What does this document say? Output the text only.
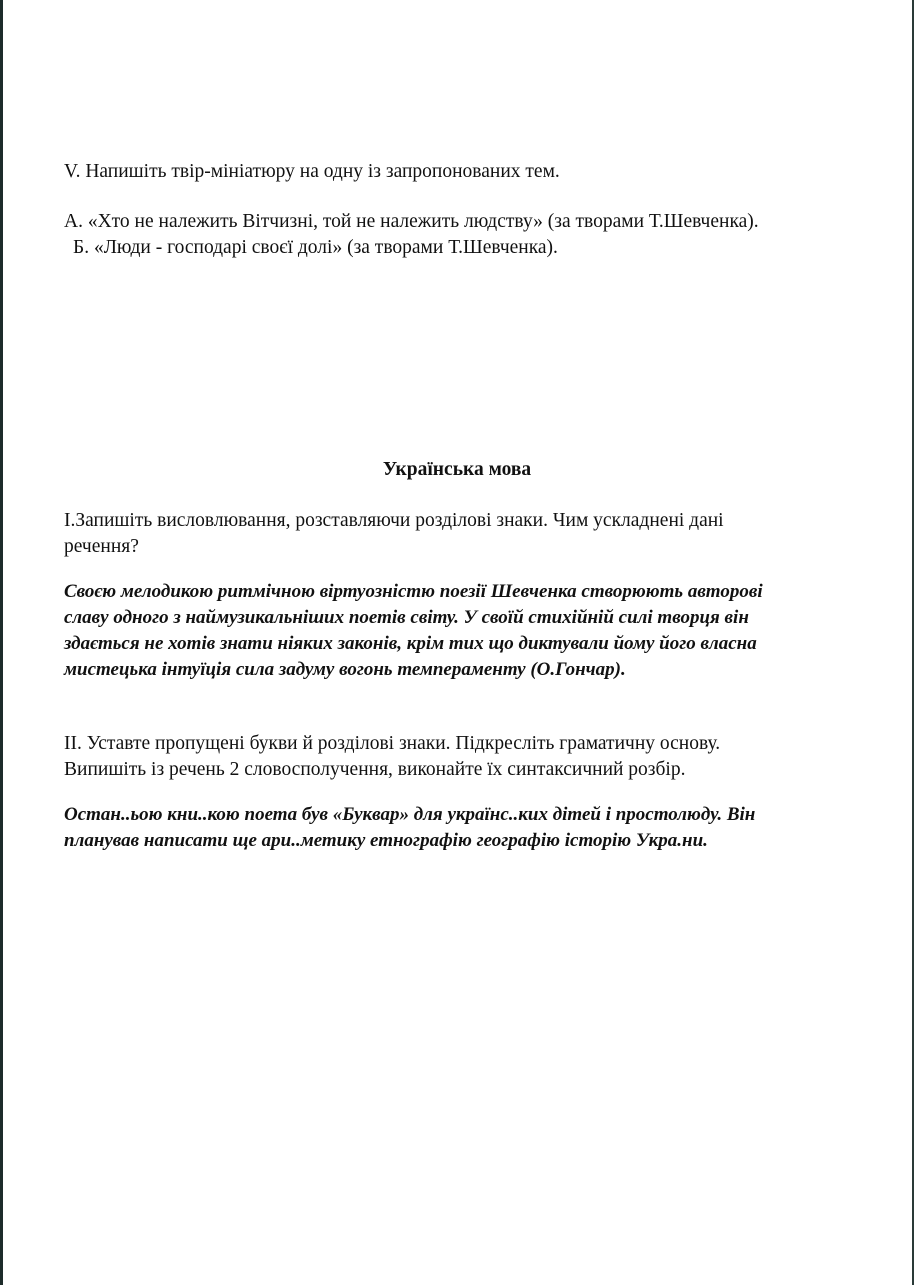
V. Напишіть твір-мініатюру на одну із запропонованих тем.
А. «Хто не належить Вітчизні, той не належить людству» (за творами Т.Шевченка).
Б. «Люди - господарі своєї долі» (за творами Т.Шевченка).
Українська мова
І.Запишіть висловлювання, розставляючи розділові знаки. Чим ускладнені дані
речення?
Своєю мелодикою ритмічною віртуозністю поезії Шевченка створюють авторові
славу одного з наймузикальніших поетів світу. У своїй стихійній силі творця він
здається не хотів знати ніяких законів, крім тих що диктували йому його власна
мистецька інтуїція сила задуму вогонь темпераменту (О.Гончар).
ІІ. Уставте пропущені букви й розділові знаки. Підкресліть граматичну основу.
Випишіть із речень 2 словосполучення, виконайте їх синтаксичний розбір.
Остан..ьою кни..кою поета був «Буквар» для українс..ких дітей і простолюду. Він
планував написати ще ари..метику етнографію географію історію Укра.ни.
